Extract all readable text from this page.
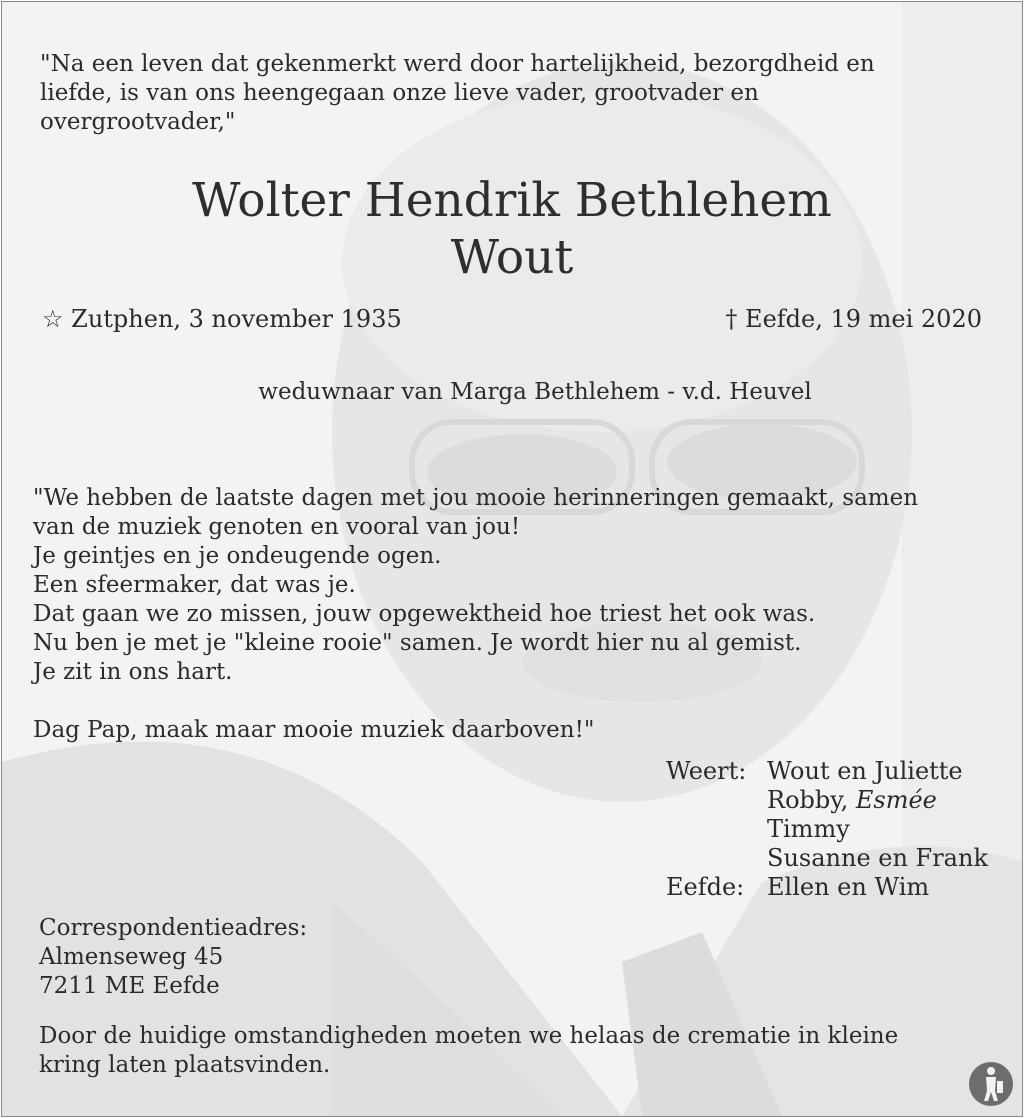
"Na een leven dat gekenmerkt werd door hartelijkheid, bezorgdheid en
liefde, is van ons heengegaan onze lieve vader, grootvader en
overgrootvader,"
Wolter Hendrik Bethlehem
Wout
☆ Zutphen, 3 november 1935	† Eefde, 19 mei 2020
weduwnaar van Marga Bethlehem - v.d. Heuvel
"We hebben de laatste dagen met jou mooie herinneringen gemaakt, samen
van de muziek genoten en vooral van jou!
Je geintjes en je ondeugende ogen.
Een sfeermaker, dat was je.
Dat gaan we zo missen, jouw opgewektheid hoe triest het ook was.
Nu ben je met je "kleine rooie" samen. Je wordt hier nu al gemist.
Je zit in ons hart.
Dag Pap, maak maar mooie muziek daarboven!"
Weert: Wout en Juliette
Robby, Esmée
Timmy
Susanne en Frank
Eefde: Ellen en Wim
Correspondentieadres:
Almenseweg 45
7211 ME Eefde
Door de huidige omstandigheden moeten we helaas de crematie in kleine
kring laten plaatsvinden.
